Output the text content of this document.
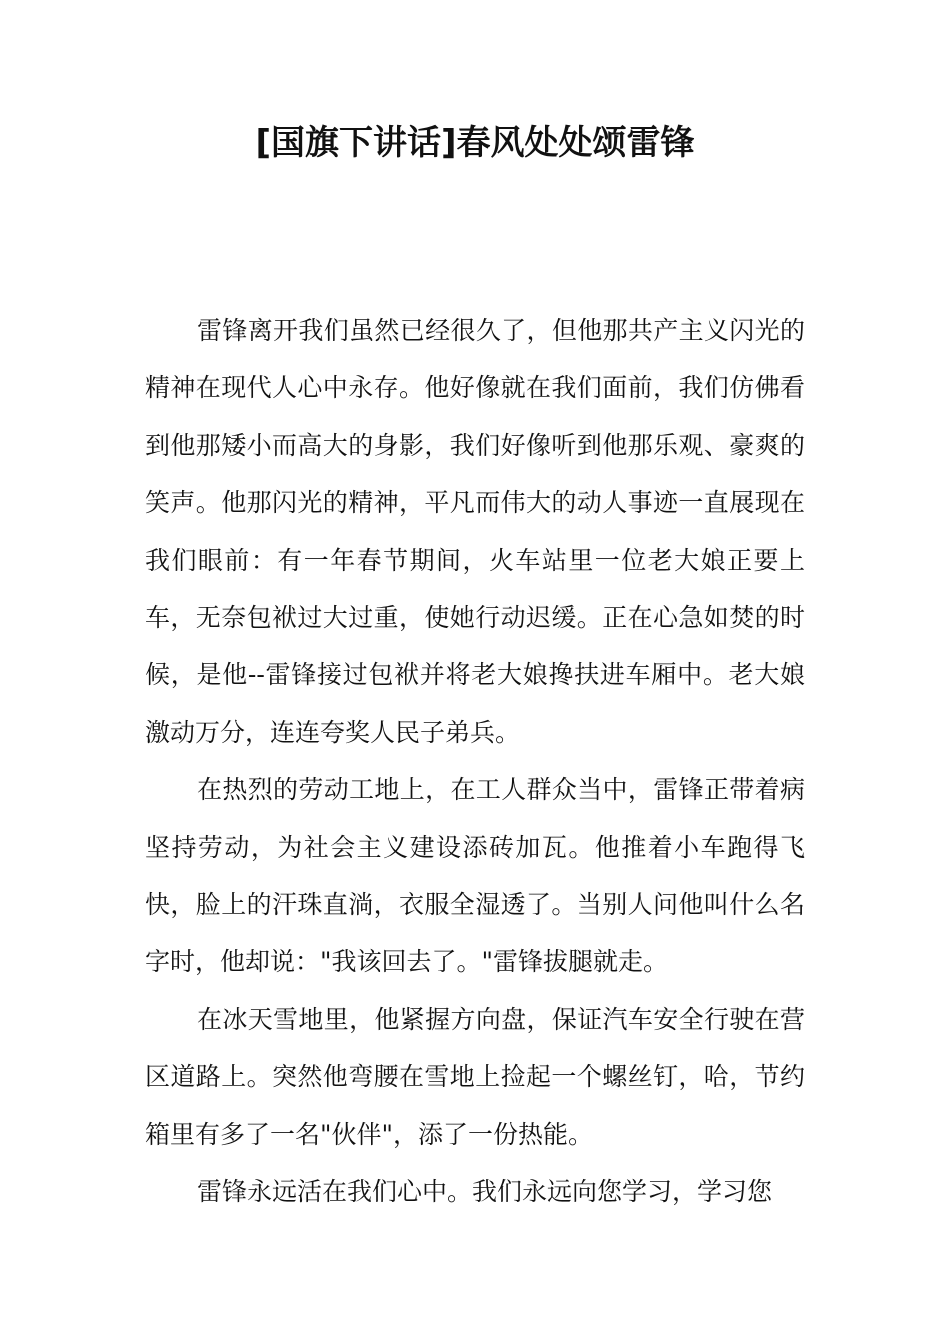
[国旗下讲话]春风处处颂雷锋

雷锋离开我们虽然已经很久了，但他那共产主义闪光的精神在现代人心中永存。他好像就在我们面前，我们仿佛看到他那矮小而高大的身影，我们好像听到他那乐观、豪爽的笑声。他那闪光的精神，平凡而伟大的动人事迹一直展现在我们眼前：有一年春节期间，火车站里一位老大娘正要上车，无奈包袱过大过重，使她行动迟缓。正在心急如焚的时候，是他--雷锋接过包袱并将老大娘搀扶进车厢中。老大娘激动万分，连连夸奖人民子弟兵。

在热烈的劳动工地上，在工人群众当中，雷锋正带着病坚持劳动，为社会主义建设添砖加瓦。他推着小车跑得飞快，脸上的汗珠直淌，衣服全湿透了。当别人问他叫什么名字时，他却说："我该回去了。"雷锋拔腿就走。

在冰天雪地里，他紧握方向盘，保证汽车安全行驶在营区道路上。突然他弯腰在雪地上捡起一个螺丝钉，哈，节约箱里有多了一名"伙伴"，添了一份热能。

雷锋永远活在我们心中。我们永远向您学习，学习您
